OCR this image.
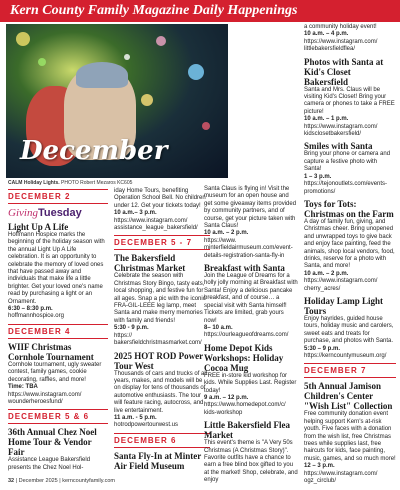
Kern County Family Magazine Daily Happenings
December
CALM Holiday Lights. PHOTO Robert Mezaros KC605
DECEMBER 2
GivingTuesday
Light Up A Life
Hoffmann Hospice marks the beginning of the holiday season with the annual Light Up A Life celebration. It is an opportunity to celebrate the memory of loved ones that have passed away and individuals that make life a little brighter. Get your loved one's name read by purchasing a light or an Ornament.
6:30 – 8:30 p.m.
hoffmannhospice.org
DECEMBER 4
WIIF Christmas Cornhole Tournament
Cornhole tournament, ugly sweater contest, family games, cookie decorating, raffles, and more!
Time: TBA
https://www.instagram.com/ wounderheroesfund/
DECEMBER 5 & 6
36th Annual Chez Noel Home Tour & Vendor Fair
Assistance League Bakersfield presents the Chez Noel Hol-
iday Home Tours, benefiting Operation School Bell. No children under 12. Get your tickets today!
10 a.m.– 3 p.m.
https://www.instagram.com/ assistance_league_bakersfield/
DECEMBER 5 - 7
The Bakersfield Christmas Market
Celebrate the season with Christmas Story Bingo, tasty eats, local shopping, and festive fun for all ages. Snap a pic with the iconic FRA-GIL-LEEE leg lamp, meet Santa and make merry memories with family and friends!
5:30 - 9 p.m.
https:// bakersfieldchristmasmarket.com/
2025 HOT ROD Power Tour West
Thousands of cars and trucks of all years, makes, and models will be on display for tens of thousands of automotive enthusiasts. The tour will feature racing, autocross, and live entertainment.
11 a.m. - 5 p.m.
hotrodpowertourwest.us
DECEMBER 6
Santa Fly-In at Minter Air Field Museum
Santa Claus is flying in! Visit the museum for an open house and get some giveaway items provided by community partners, and of course, get your picture taken with Santa Claus!
10 a.m. – 2 p.m.
https://www. minterfieldairmuseum.com/event- details-registration-santa-fly-in
Breakfast with Santa
Join the League of Dreams for a holly jolly morning at Breakfast with Santa! Enjoy a delicious pancake breakfast, and of course… a special visit with Santa himself! Tickets are limited, grab yours now!
8– 10 a.m.
https://ourleagueofdreams.com/
Home Depot Kids Workshops: Holiday Cocoa Mug
FREE in-store kid workshop for kids. While Supplies Last. Register today!
9 a.m. – 12 p.m.
https://www.homedepot.com/c/ kids-workshop
Little Bakersfield Flea Market
This event's theme is "A Very 50s Christmas (A Christmas Story)". Favorite outfits have a chance to earn a free blind box gifted to you at the market! Shop, celebrate, and enjoy
a community holiday event!
10 a.m. – 4 p.m.
https://www.instagram.com/ littlebakersfieldflea/
Photos with Santa at Kid's Closet Bakersfield
Santa and Mrs. Claus will be visiting Kid's Closet! Bring your camera or phones to take a FREE picture!
10 a.m. – 1 p.m.
https://www.instagram.com/ kidsclosetbakersfield/
Smiles with Santa
Bring your phone or camera and capture a festive photo with Santa!
1 – 3 p.m.
https://tejonoutlets.com/events- promotions/
Toys for Tots: Christmas on the Farm
A day of family fun, giving, and Christmas cheer. Bring unopened and unwrapped toys to give back and enjoy face painting, feed the animals, shop local vendors, food, drinks, reserve for a photo with Santa, and more!
10 a.m. – 2 p.m.
https://www.instagram.com/ cherry_acres/
Holiday Lamp Light Tours
Enjoy hayrides, guided house tours, holiday music and carolers, sweet eats and treats for purchase, and photos with Santa.
5:30 – 9 p.m.
https://kerncountymuseum.org/
DECEMBER 7
5th Annual Jamison Children's Center "Wish List" Collection
Free community donation event helping support Kern's at-risk youth. Five faces with a donation from the wish list, free Christmas trees while supplies last, free haircuts for kids, face painting, music, games, and so much more!
12 – 3 p.m.
https://www.instagram.com/ ogz_circlub/
32 | December 2025 | kerncountyfamily.com
